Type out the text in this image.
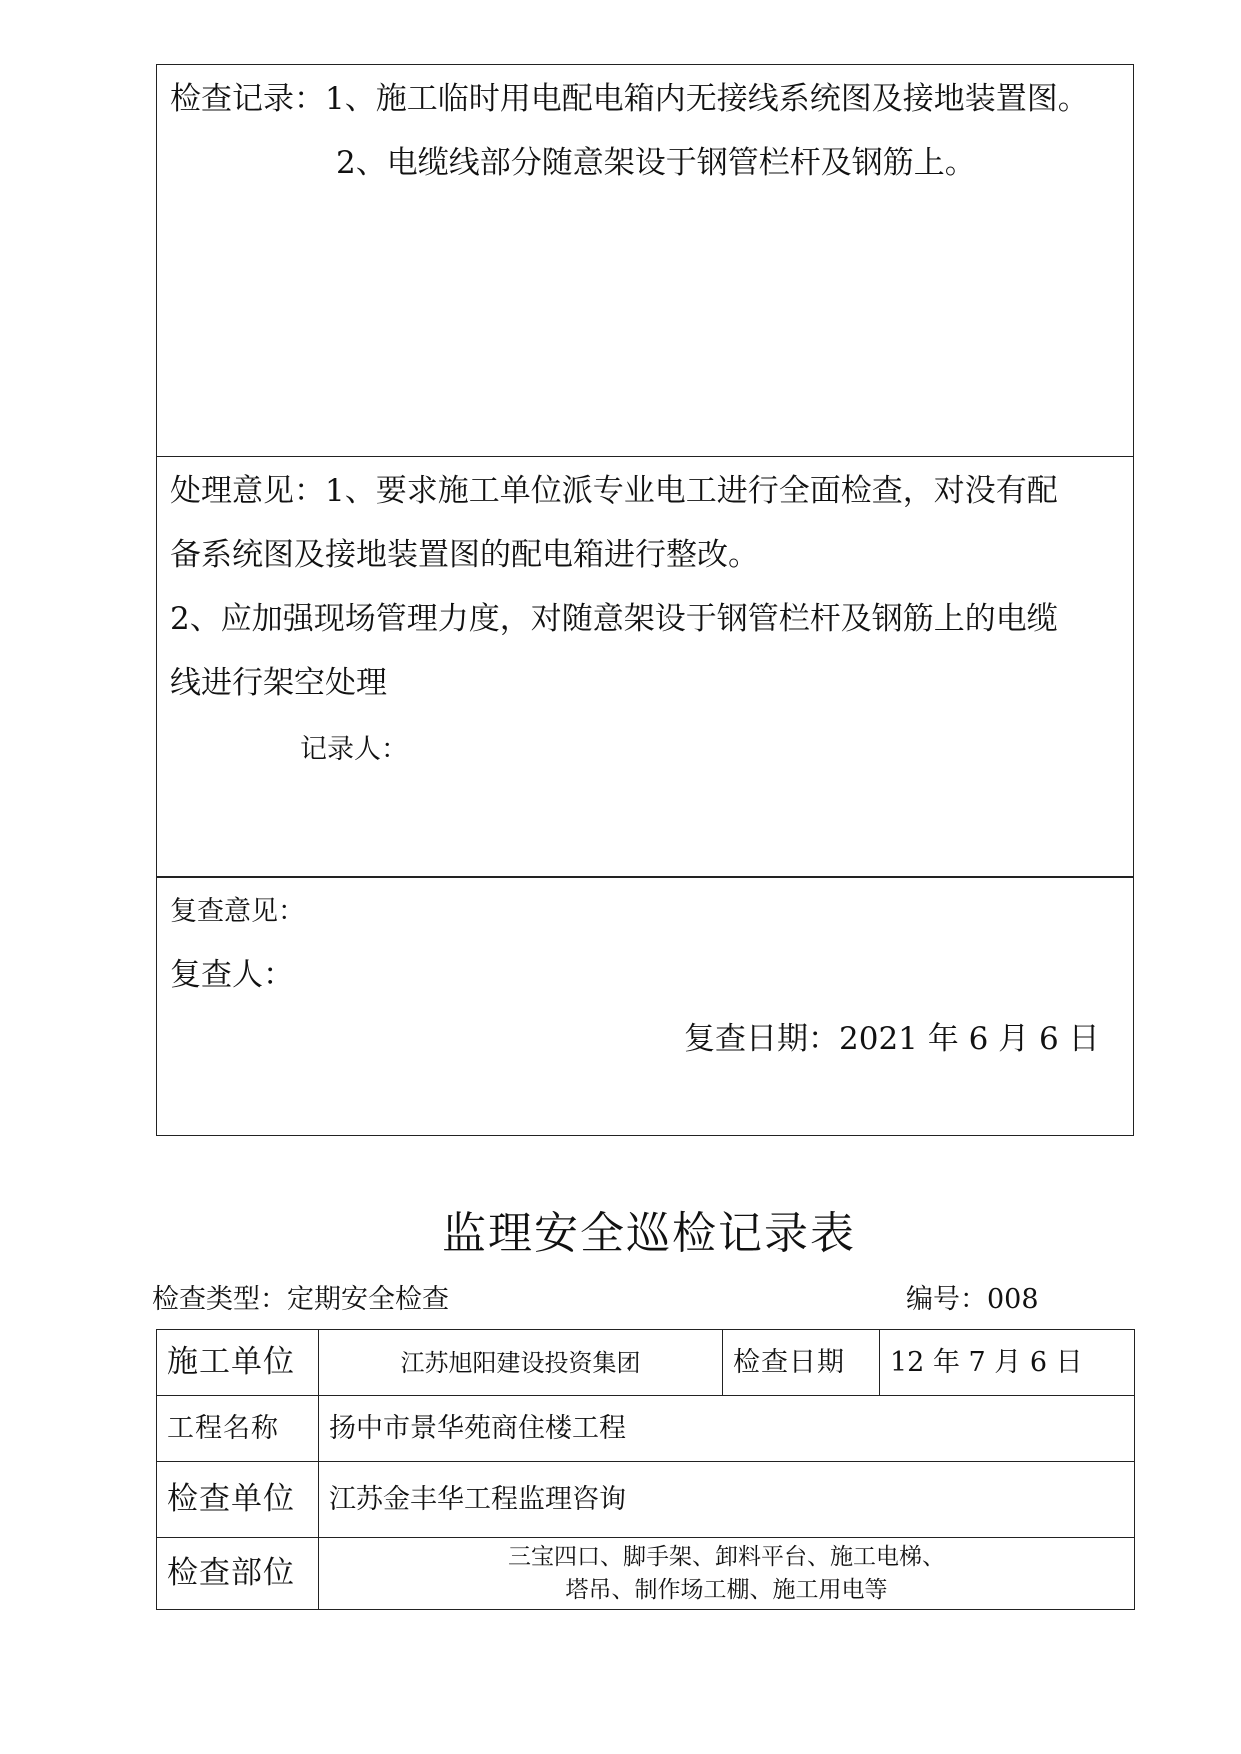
检查记录：1、施工临时用电配电箱内无接线系统图及接地装置图。
2、电缆线部分随意架设于钢管栏杆及钢筋上。
处理意见：1、要求施工单位派专业电工进行全面检查，对没有配
备系统图及接地装置图的配电箱进行整改。
2、应加强现场管理力度，对随意架设于钢管栏杆及钢筋上的电缆
线进行架空处理
记录人：
复查意见：
复查人：
复查日期：2021 年 6 月 6 日
监理安全巡检记录表
检查类型：定期安全检查	编号：008
施工单位	江苏旭阳建设投资集团	检查日期	12 年 7 月 6 日
工程名称	扬中市景华苑商住楼工程		
检查单位	江苏金丰华工程监理咨询		
检查部位	三宝四口、脚手架、卸料平台、施工电梯、
塔吊、制作场工棚、施工用电等		
